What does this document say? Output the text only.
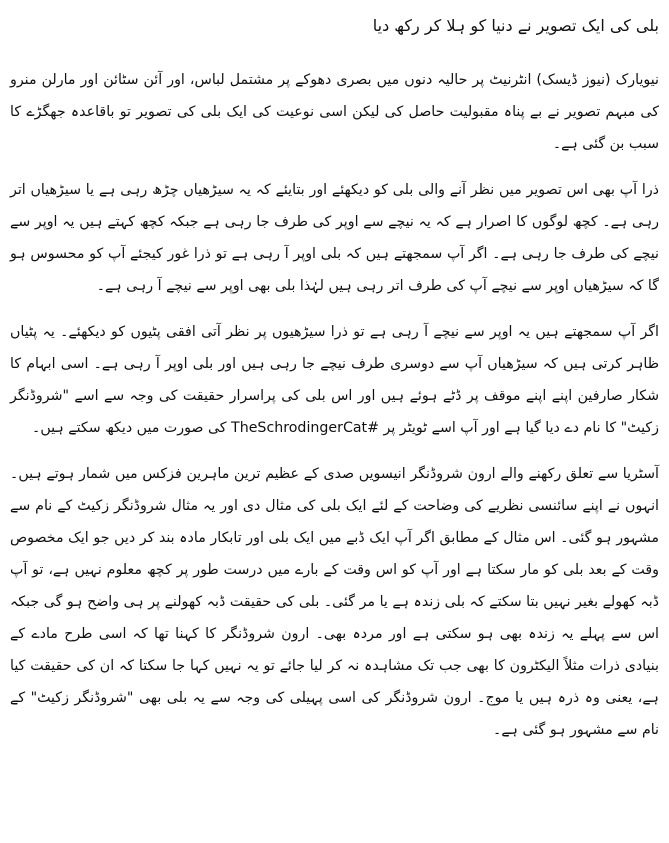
بلی کی ایک تصویر نے دنیا کو ہلا کر رکھ دیا

نیویارک (نیوز ڈیسک) انٹرنیٹ پر حالیہ دنوں میں بصری دھوکے پر مشتمل لباس، اور آئن سٹائن اور مارلن منرو کی مبہم تصویر نے بے پناہ مقبولیت حاصل کی لیکن اسی نوعیت کی ایک بلی کی تصویر تو باقاعدہ جھگڑے کا سبب بن گئی ہے۔

ذرا آپ بھی اس تصویر میں نظر آنے والی بلی کو دیکھئے اور بتایئے کہ یہ سیڑھیاں چڑھ رہی ہے یا سیڑھیاں اتر رہی ہے۔ کچھ لوگوں کا اصرار ہے کہ یہ نیچے سے اوپر کی طرف جا رہی ہے جبکہ کچھ کہتے ہیں یہ اوپر سے نیچے کی طرف جا رہی ہے۔ اگر آپ سمجھتے ہیں کہ بلی اوپر آ رہی ہے تو ذرا غور کیجئے آپ کو محسوس ہو گا کہ سیڑھیاں اوپر سے نیچے آپ کی طرف اتر رہی ہیں لہٰذا بلی بھی اوپر سے نیچے آ رہی ہے۔

اگر آپ سمجھتے ہیں یہ اوپر سے نیچے آ رہی ہے تو ذرا سیڑھیوں پر نظر آتی افقی پٹیوں کو دیکھئے۔ یہ پٹیاں ظاہر کرتی ہیں کہ سیڑھیاں آپ سے دوسری طرف نیچے جا رہی ہیں اور بلی اوپر آ رہی ہے۔ اسی ابہام کا شکار صارفین اپنے اپنے موقف پر ڈٹے ہوئے ہیں اور اس بلی کی پراسرار حقیقت کی وجہ سے اسے "شروڈنگر زکیٹ" کا نام دے دیا گیا ہے اور آپ اسے ٹویٹر پر #TheSchrodingerCat کی صورت میں دیکھ سکتے ہیں۔

آسٹریا سے تعلق رکھنے والے ارون شروڈنگر انیسویں صدی کے عظیم ترین ماہرین فزکس میں شمار ہوتے ہیں۔ انہوں نے اپنے سائنسی نظریے کی وضاحت کے لئے ایک بلی کی مثال دی اور یہ مثال شروڈنگر زکیٹ کے نام سے مشہور ہو گئی۔ اس مثال کے مطابق اگر آپ ایک ڈبے میں ایک بلی اور تابکار مادہ بند کر دیں جو ایک مخصوص وقت کے بعد بلی کو مار سکتا ہے اور آپ کو اس وقت کے بارے میں درست طور پر کچھ معلوم نہیں ہے، تو آپ ڈبہ کھولے بغیر نہیں بتا سکتے کہ بلی زندہ ہے یا مر گئی۔ بلی کی حقیقت ڈبہ کھولنے پر ہی واضح ہو گی جبکہ اس سے پہلے یہ زندہ بھی ہو سکتی ہے اور مردہ بھی۔ ارون شروڈنگر کا کہنا تھا کہ اسی طرح مادے کے بنیادی ذرات مثلاً الیکٹرون کا بھی جب تک مشاہدہ نہ کر لیا جائے تو یہ نہیں کہا جا سکتا کہ ان کی حقیقت کیا ہے، یعنی وہ ذرہ ہیں یا موج۔ ارون شروڈنگر کی اسی پہیلی کی وجہ سے یہ بلی بھی "شروڈنگر زکیٹ" کے نام سے مشہور ہو گئی ہے۔
